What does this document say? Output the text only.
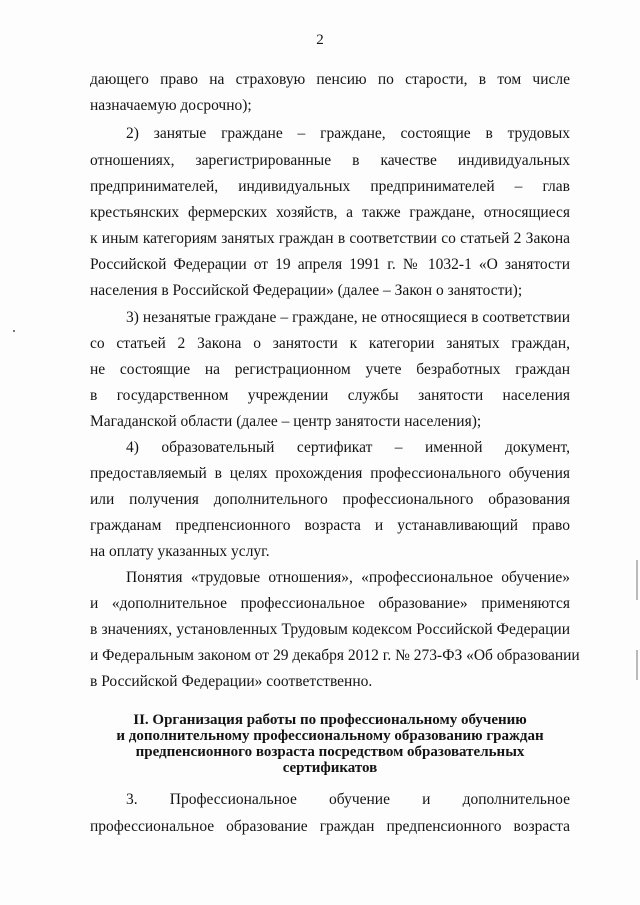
2
дающего право на страховую пенсию по старости, в том числе
назначаемую досрочно);
2) занятые граждане – граждане, состоящие в трудовых
отношениях, зарегистрированные в качестве индивидуальных
предпринимателей, индивидуальных предпринимателей – глав
крестьянских фермерских хозяйств, а также граждане, относящиеся
к иным категориям занятых граждан в соответствии со статьей 2 Закона
Российской Федерации от 19 апреля 1991 г. № 1032-1 «О занятости
населения в Российской Федерации» (далее – Закон о занятости);
3) незанятые граждане – граждане, не относящиеся в соответствии
со статьей 2 Закона о занятости к категории занятых граждан,
не состоящие на регистрационном учете безработных граждан
в государственном учреждении службы занятости населения
Магаданской области (далее – центр занятости населения);
4) образовательный сертификат – именной документ,
предоставляемый в целях прохождения профессионального обучения
или получения дополнительного профессионального образования
гражданам предпенсионного возраста и устанавливающий право
на оплату указанных услуг.
Понятия «трудовые отношения», «профессиональное обучение»
и «дополнительное профессиональное образование» применяются
в значениях, установленных Трудовым кодексом Российской Федерации
и Федеральным законом от 29 декабря 2012 г. № 273-ФЗ «Об образовании
в Российской Федерации» соответственно.
II. Организация работы по профессиональному обучению
и дополнительному профессиональному образованию граждан
предпенсионного возраста посредством образовательных
сертификатов
3. Профессиональное обучение и дополнительное
профессиональное образование граждан предпенсионного возраста
